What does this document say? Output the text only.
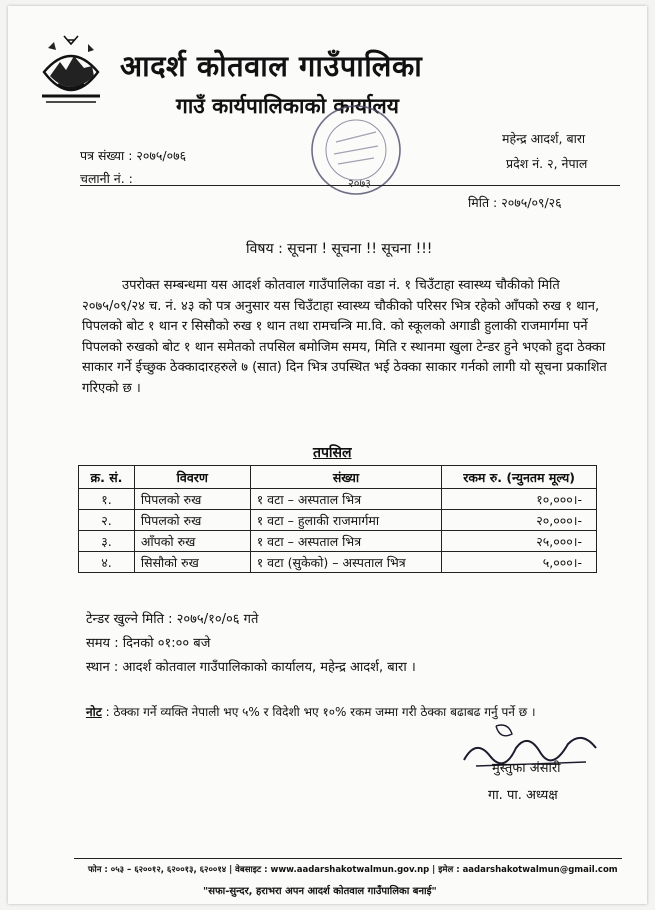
आदर्श कोतवाल गाउँपालिका
गाउँ कार्यपालिकाको कार्यालय
२०७३
पत्र संख्या : २०७५/०७६
चलानी नं. :
महेन्द्र आदर्श, बारा
प्रदेश नं. २, नेपाल
मिति : २०७५/०९/२६
विषय : सूचना ! सूचना !! सूचना !!!
उपरोक्त सम्बन्धमा यस आदर्श कोतवाल गाउँपालिका वडा नं. १ चिउँटाहा स्वास्थ्य चौकीको मिति २०७५/०९/२४ च. नं. ४३ को पत्र अनुसार यस चिउँटाहा स्वास्थ्य चौकीको परिसर भित्र रहेको आँपको रुख १ थान, पिपलको बोट १ थान र सिसौको रुख १ थान तथा रामचन्त्रि मा.वि. को स्कूलको अगाडी हुलाकी राजमार्गमा पर्ने पिपलको रुखको बोट १ थान समेतको तपसिल बमोजिम समय, मिति र स्थानमा खुला टेन्डर हुने भएको हुदा ठेक्का साकार गर्ने ईच्छुक ठेक्कादारहरुले ७ (सात) दिन भित्र उपस्थित भई ठेक्का साकार गर्नको लागी यो सूचना प्रकाशित गरिएको छ ।
तपसिल
क्र. सं.	विवरण	संख्या	रकम रु. (न्युनतम मूल्य)
१.	पिपलको रुख	१ वटा – अस्पताल भित्र	१०,०००।-
२.	पिपलको रुख	१ वटा – हुलाकी राजमार्गमा	२०,०००।-
३.	आँपको रुख	१ वटा – अस्पताल भित्र	२५,०००।-
४.	सिसौको रुख	१ वटा (सुकेको) – अस्पताल भित्र	५,०००।-
टेन्डर खुल्ने मिति : २०७५/१०/०६ गते
समय : दिनको ०१:०० बजे
स्थान : आदर्श कोतवाल गाउँपालिकाको कार्यालय, महेन्द्र आदर्श, बारा ।
नोट : ठेक्का गर्ने व्यक्ति नेपाली भए ५% र विदेशी भए १०% रकम जम्मा गरी ठेक्का बढाबढ गर्नु पर्ने छ ।
मुस्तुफा अंसारी
गा. पा. अध्यक्ष
फोन : ०५३ – ६२००१२, ६२००१३, ६२००१४ | वेबसाइट : www.aadarshakotwalmun.gov.np | इमेल : aadarshakotwalmun@gmail.com
"सफा-सुन्दर, हराभरा अपन आदर्श कोतवाल गाउँपालिका बनाई"
